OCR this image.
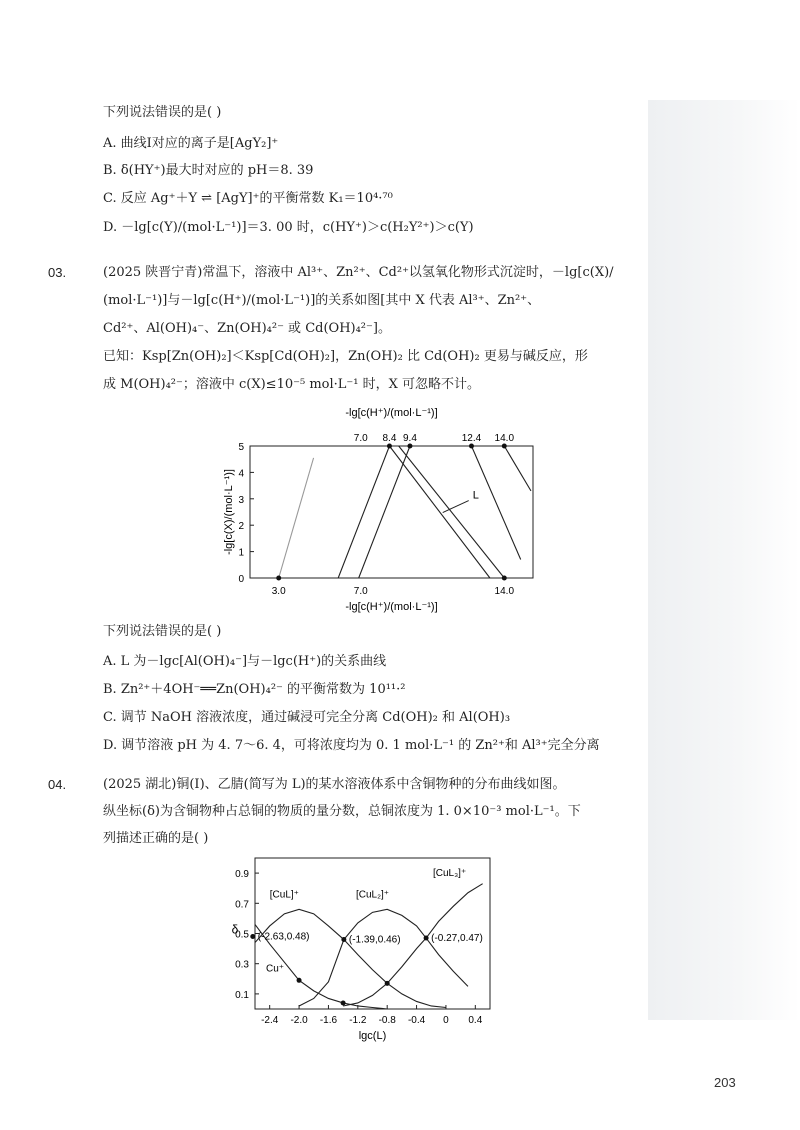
下列说法错误的是( )
A. 曲线Ⅰ对应的离子是[AgY₂]⁺
B. δ(HY⁺)最大时对应的 pH＝8. 39
C. 反应 Ag⁺＋Y ⇌ [AgY]⁺的平衡常数 K₁＝10⁴·⁷⁰
D. －lg[c(Y)/(mol·L⁻¹)]＝3. 00 时，c(HY⁺)＞c(H₂Y²⁺)＞c(Y)
03.	(2025 陕晋宁青)常温下，溶液中 Al³⁺、Zn²⁺、Cd²⁺以氢氧化物形式沉淀时，－lg[c(X)/
(mol·L⁻¹)]与－lg[c(H⁺)/(mol·L⁻¹)]的关系如图[其中 X 代表 Al³⁺、Zn²⁺、
Cd²⁺、Al(OH)₄⁻、Zn(OH)₄²⁻ 或 Cd(OH)₄²⁻]。
已知：Ksp[Zn(OH)₂]＜Ksp[Cd(OH)₂]，Zn(OH)₂ 比 Cd(OH)₂ 更易与碱反应，形
成 M(OH)₄²⁻；溶液中 c(X)≤10⁻⁵ mol·L⁻¹ 时，X 可忽略不计。
-lg[c(H⁺)/(mol·L⁻¹)]
0
1
2
3
4
5
3.0	7.0	14.0
7.0 8.4 9.4	12.4 14.0
-lg[c(H⁺)/(mol·L⁻¹)]
-lg[c(X)/(mol·L⁻¹)]	L
下列说法错误的是( )
A. L 为－lgc[Al(OH)₄⁻]与－lgc(H⁺)的关系曲线
B. Zn²⁺＋4OH⁻══Zn(OH)₄²⁻ 的平衡常数为 10¹¹·²
C. 调节 NaOH 溶液浓度，通过碱浸可完全分离 Cd(OH)₂ 和 Al(OH)₃
D. 调节溶液 pH 为 4. 7～6. 4，可将浓度均为 0. 1 mol·L⁻¹ 的 Zn²⁺和 Al³⁺完全分离
04.	(2025 湖北)铜(Ⅰ)、乙腈(简写为 L)的某水溶液体系中含铜物种的分布曲线如图。
纵坐标(δ)为含铜物种占总铜的物质的量分数，总铜浓度为 1. 0×10⁻³ mol·L⁻¹。下
列描述正确的是( )
-2.4 -2.0 -1.6 -1.2 -0.8 -0.4 0 0.4
0.1
0.3
0.5
0.7
0.9
lgc(L)
δ
Cu⁺
[CuL]⁺	[CuL₂]⁺
[CuL₃]⁺
(-2.63,0.48)	(-1.39,0.46)	(-0.27,0.47)
203
